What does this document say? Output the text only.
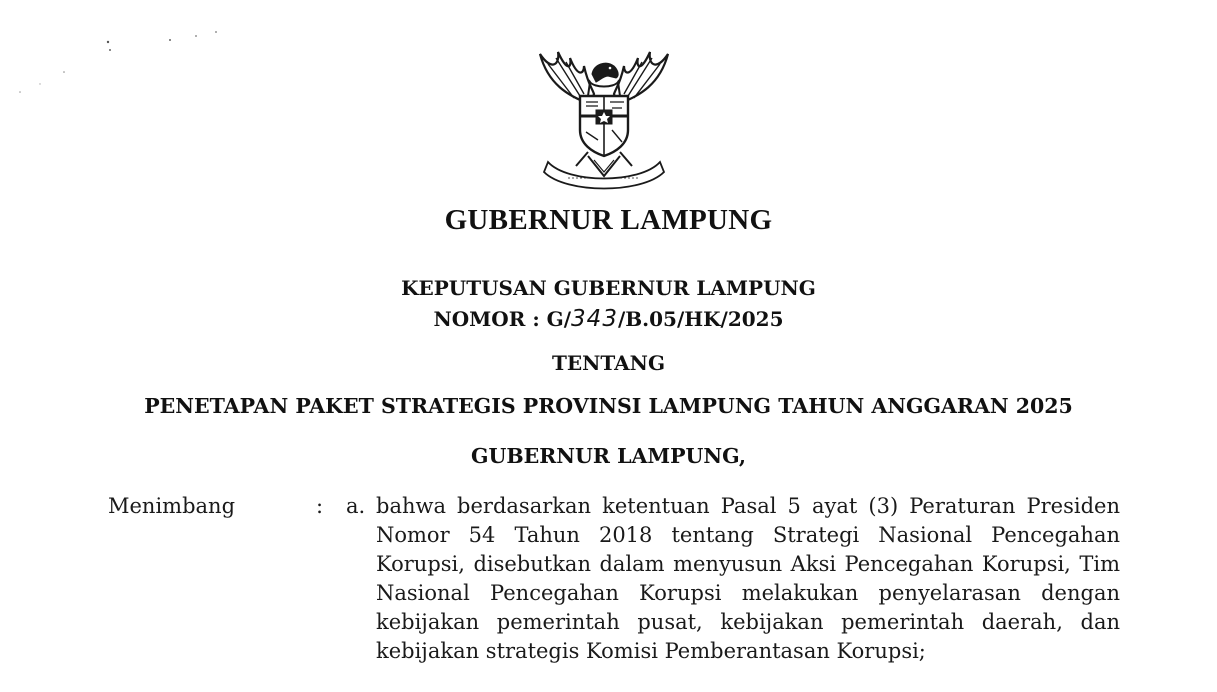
GUBERNUR LAMPUNG
KEPUTUSAN GUBERNUR LAMPUNG
NOMOR : G/343/B.05/HK/2025
TENTANG
PENETAPAN PAKET STRATEGIS PROVINSI LAMPUNG TAHUN ANGGARAN 2025
GUBERNUR LAMPUNG,
Menimbang	: a. bahwa berdasarkan ketentuan Pasal 5 ayat (3) Peraturan Presiden Nomor 54 Tahun 2018 tentang Strategi Nasional Pencegahan Korupsi, disebutkan dalam menyusun Aksi Pencegahan Korupsi, Tim Nasional Pencegahan Korupsi melakukan penyelarasan dengan kebijakan pemerintah pusat, kebijakan pemerintah daerah, dan kebijakan strategis Komisi Pemberantasan Korupsi;
